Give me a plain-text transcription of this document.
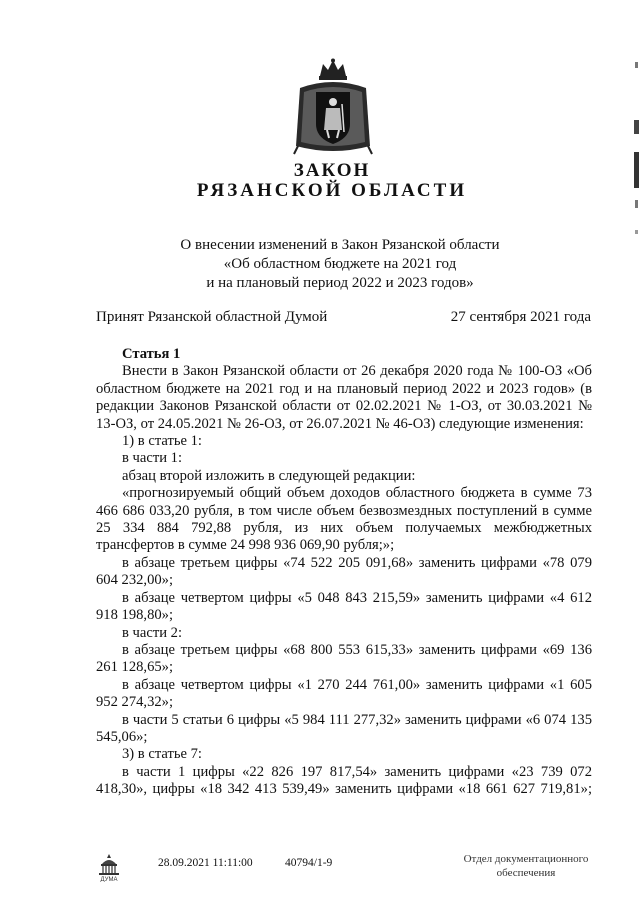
ЗАКОН
РЯЗАНСКОЙ ОБЛАСТИ
О внесении изменений в Закон Рязанской области
«Об областном бюджете на 2021 год
и на плановый период 2022 и 2023 годов»
Принят Рязанской областной Думой	27 сентября 2021 года

Статья 1

Внести в Закон Рязанской области от 26 декабря 2020 года № 100-ОЗ «Об областном бюджете на 2021 год и на плановый период 2022 и 2023 годов» (в редакции Законов Рязанской области от 02.02.2021 № 1-ОЗ, от 30.03.2021 № 13-ОЗ, от 24.05.2021 № 26-ОЗ, от 26.07.2021 № 46-ОЗ) следующие изменения:

1) в статье 1:

в части 1:

абзац второй изложить в следующей редакции:

«прогнозируемый общий объем доходов областного бюджета в сумме 73 466 686 033,20 рубля, в том числе объем безвозмездных поступлений в сумме 25 334 884 792,88 рубля, из них объем получаемых межбюджетных трансфертов в сумме 24 998 936 069,90 рубля;»;

в абзаце третьем цифры «74 522 205 091,68» заменить цифрами «78 079 604 232,00»;

в абзаце четвертом цифры «5 048 843 215,59» заменить цифрами «4 612 918 198,80»;

в части 2:

в абзаце третьем цифры «68 800 553 615,33» заменить цифрами «69 136 261 128,65»;

в абзаце четвертом цифры «1 270 244 761,00» заменить цифрами «1 605 952 274,32»;

в части 5 статьи 6 цифры «5 984 111 277,32» заменить цифрами «6 074 135 545,06»;

3) в статье 7:

в части 1 цифры «22 826 197 817,54» заменить цифрами «23 739 072 418,30», цифры «18 342 413 539,49» заменить цифрами «18 661 627 719,81»;

ДУМА
28.09.2021 11:11:00	40794/1-9	Отдел документационного обеспечения
